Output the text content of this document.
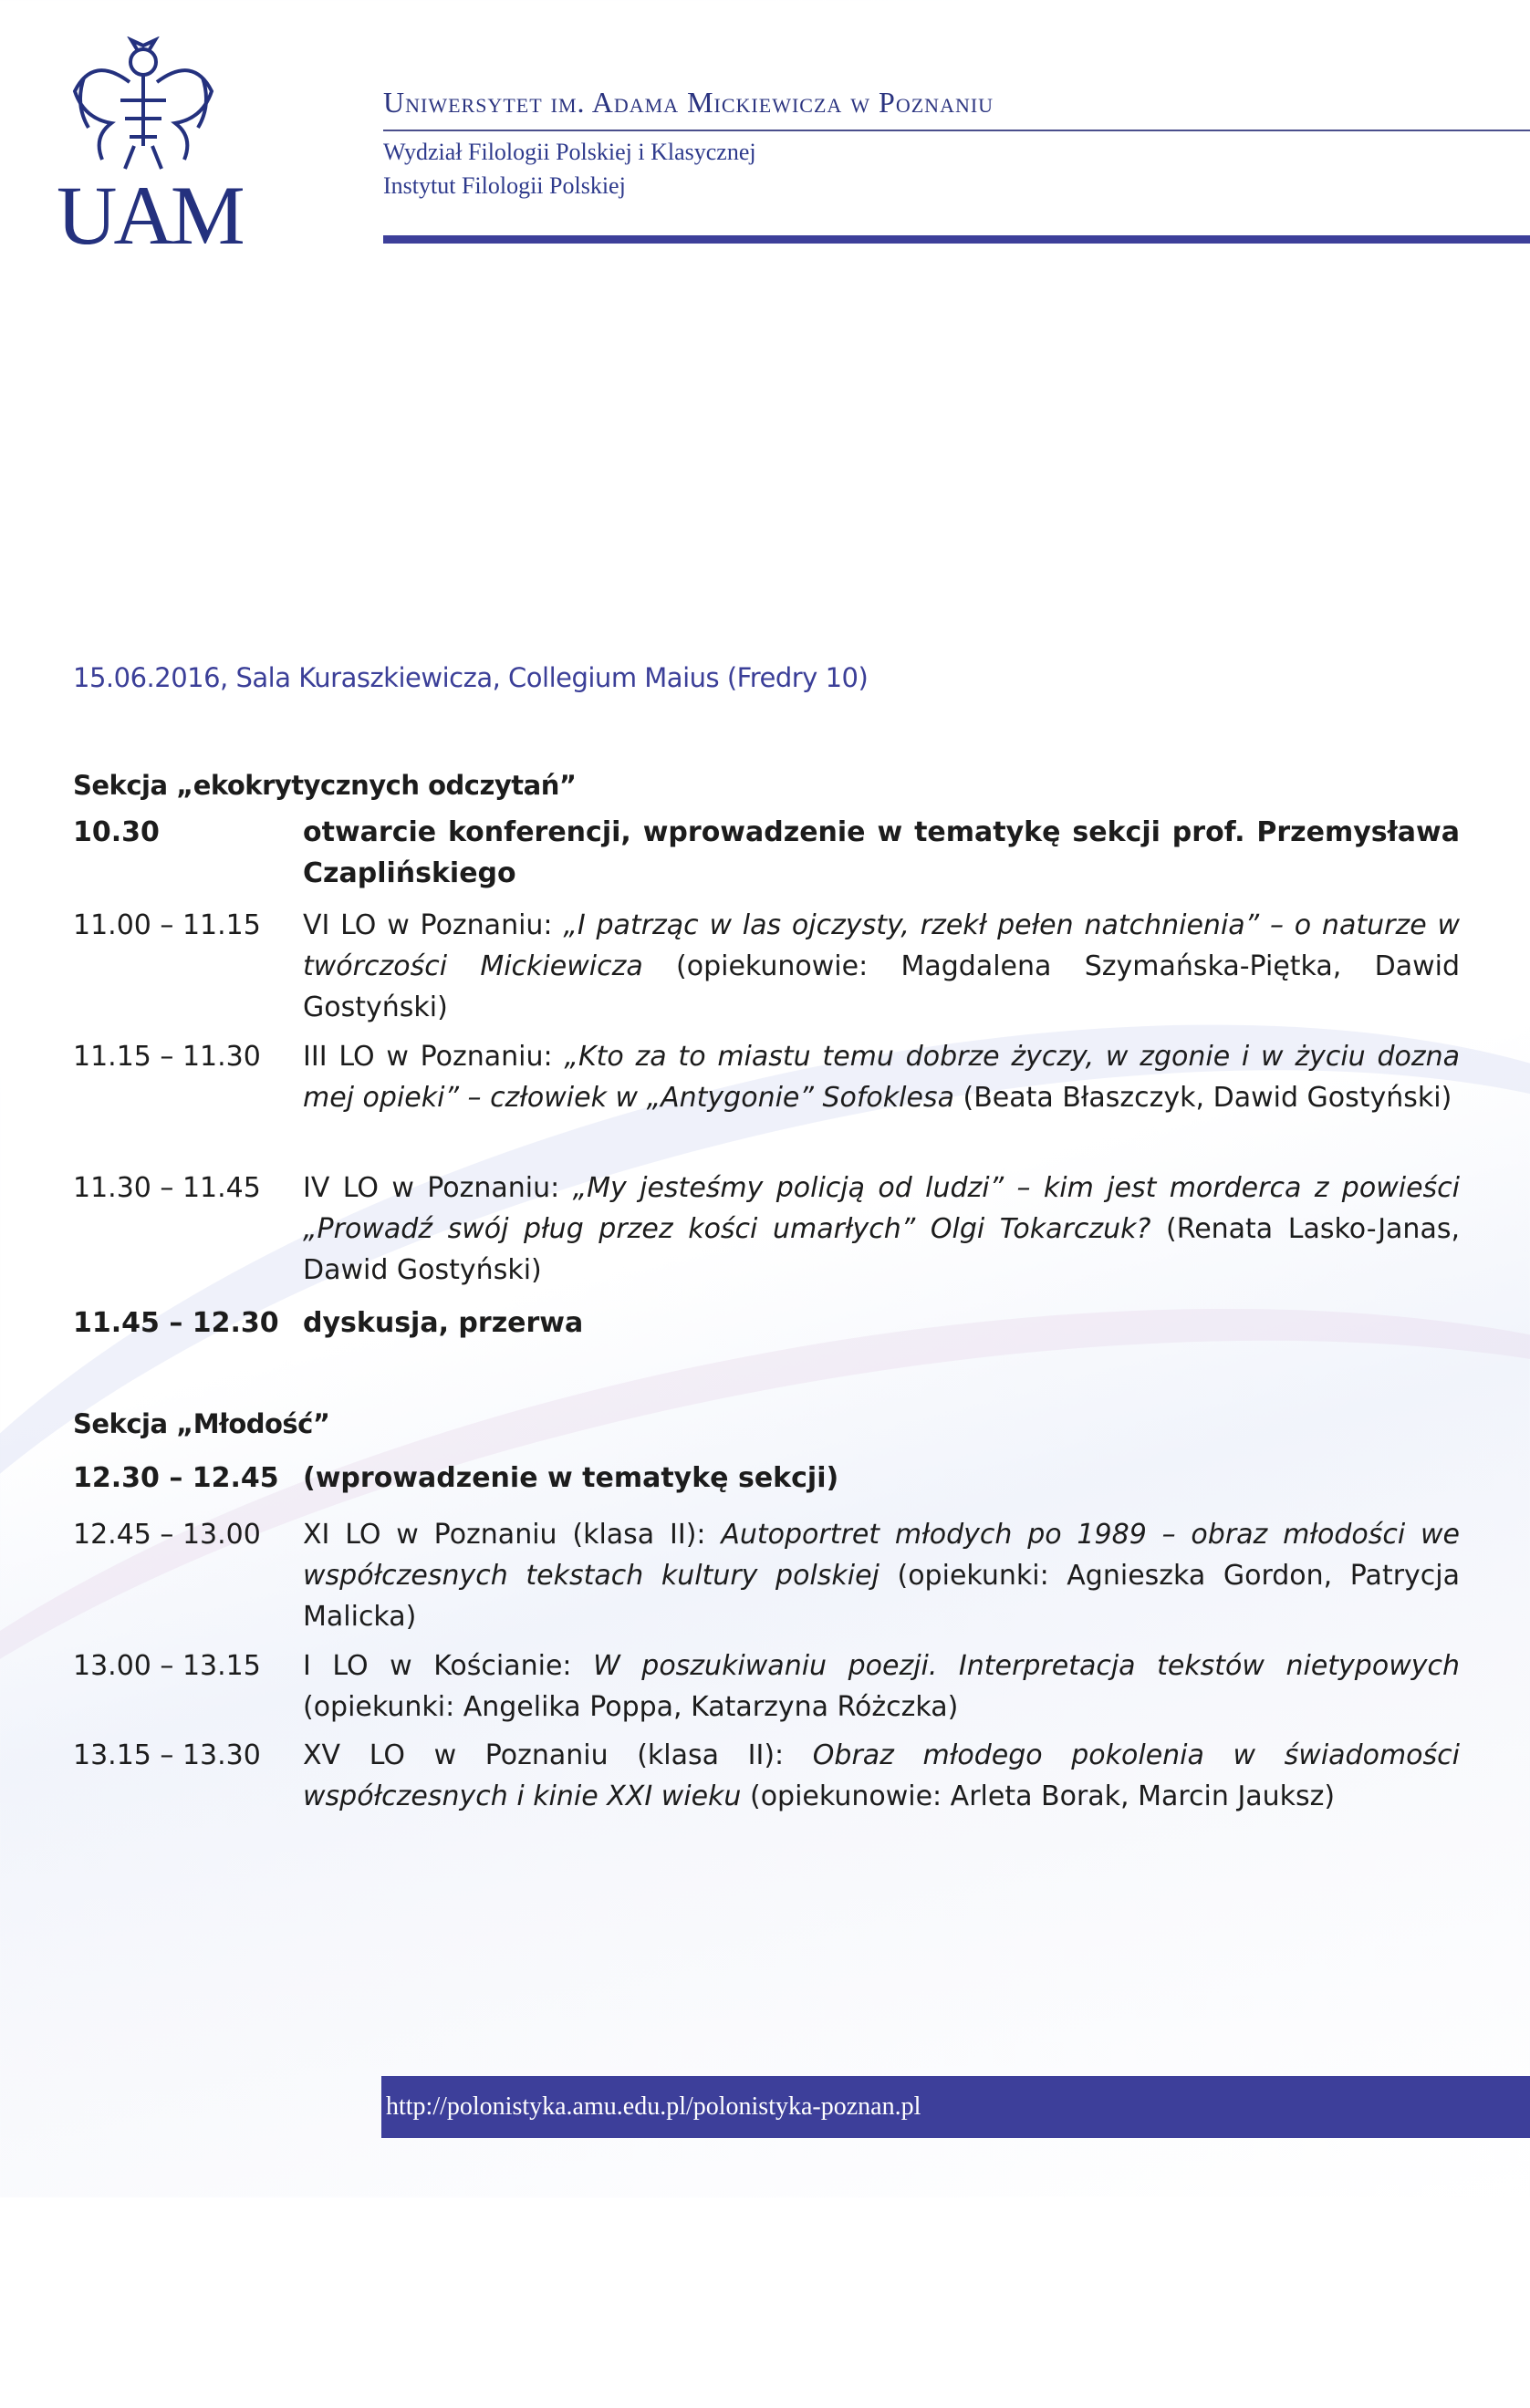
UAM
Uniwersytet im. Adama Mickiewicza w Poznaniu
Wydział Filologii Polskiej i Klasycznej
Instytut Filologii Polskiej
15.06.2016, Sala Kuraszkiewicza, Collegium Maius (Fredry 10)
Sekcja „ekokrytycznych odczytań”
10.30	otwarcie konferencji, wprowadzenie w tematykę sekcji prof. Przemysława Czaplińskiego
11.00 – 11.15	VI LO w Poznaniu: „I patrząc w las ojczysty, rzekł pełen natchnienia” – o naturze w twórczości Mickiewicza (opiekunowie: Magdalena Szymańska-Piętka, Dawid Gostyński)
11.15 – 11.30	III LO w Poznaniu: „Kto za to miastu temu dobrze życzy, w zgonie i w życiu dozna mej opieki” – człowiek w „Antygonie” Sofoklesa (Beata Błaszczyk, Dawid Gostyński)
11.30 – 11.45	IV LO w Poznaniu: „My jesteśmy policją od ludzi” – kim jest morderca z powieści „Prowadź swój pług przez kości umarłych” Olgi Tokarczuk? (Renata Lasko-Janas, Dawid Gostyński)
11.45 – 12.30 dyskusja, przerwa
Sekcja „Młodość”
12.30 – 12.45 (wprowadzenie w tematykę sekcji)
12.45 – 13.00	XI LO w Poznaniu (klasa II): Autoportret młodych po 1989 – obraz młodości we współczesnych tekstach kultury polskiej (opiekunki: Agnieszka Gordon, Patrycja Malicka)
13.00 – 13.15	I LO w Kościanie: W poszukiwaniu poezji. Interpretacja tekstów nietypowych (opiekunki: Angelika Poppa, Katarzyna Różczka)
13.15 – 13.30	XV LO w Poznaniu (klasa II): Obraz młodego pokolenia w świadomości współczesnych i kinie XXI wieku (opiekunowie: Arleta Borak, Marcin Jauksz)
http://polonistyka.amu.edu.pl/polonistyka-poznan.pl
